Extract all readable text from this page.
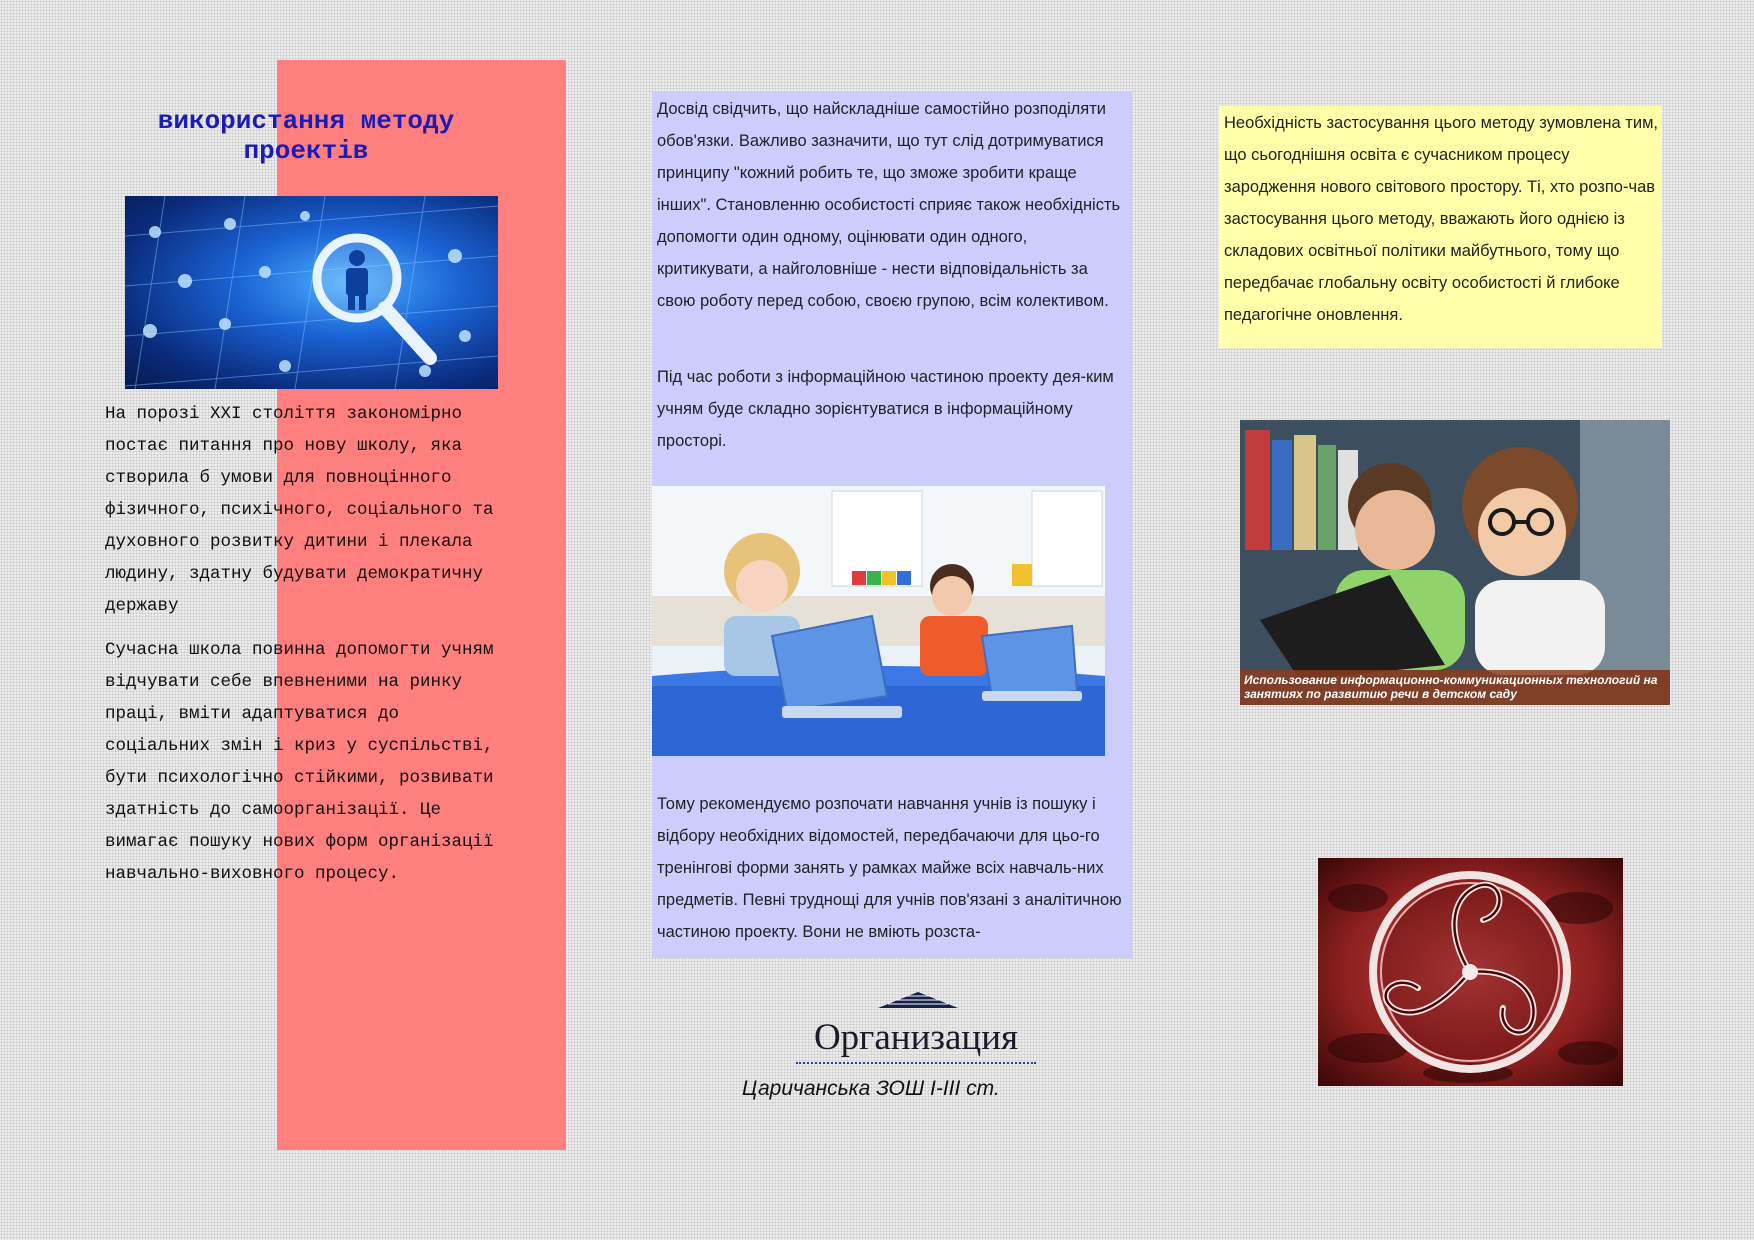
використання методу проектів
На порозі XXI століття закономірно постає питання про нову школу, яка створила б умови для повноцінного фізичного, психічного, соціального та духовного розвитку дитини і плекала людину, здатну будувати демократичну державу
Сучасна школа повинна допомогти учням відчувати себе впевненими на ринку праці, вміти адаптуватися до соціальних змін і криз у суспільстві, бути психологічно стійкими, розвивати здатність до самоорганізації. Це вимагає пошуку нових форм організації навчально-виховного процесу.
Досвід свідчить, що найскладніше самостійно розподіляти обов'язки. Важливо зазначити, що тут слід дотримуватися принципу "кожний робить те, що зможе зробити краще інших". Становленню особистості сприяє також необхідність допомогти один одному, оцінювати один одного, критикувати, а найголовніше - нести відповідальність за свою роботу перед собою, своєю групою, всім колективом.
Під час роботи з інформаційною частиною проекту дея-ким учням буде складно зорієнтуватися в інформаційному просторі.
Тому рекомендуємо розпочати навчання учнів із пошуку і відбору необхідних відомостей, передбачаючи для цьо-го тренінгові форми занять у рамках майже всіх навчаль-них предметів. Певні труднощі для учнів пов'язані з аналітичною частиною проекту. Вони не вміють розста-
Организация
Царичанська ЗОШ І-ІІІ ст.
Необхідність застосування цього методу зумовлена тим, що сьогоднішня освіта є сучасником процесу зародження нового світового простору. Ті, хто розпо-чав застосування цього методу, вважають його однією із складових освітньої політики майбутнього, тому що передбачає глобальну освіту особистості й глибоке педагогічне оновлення.
Использование информационно-коммуникационных технологий на занятиях по развитию речи в детском саду
